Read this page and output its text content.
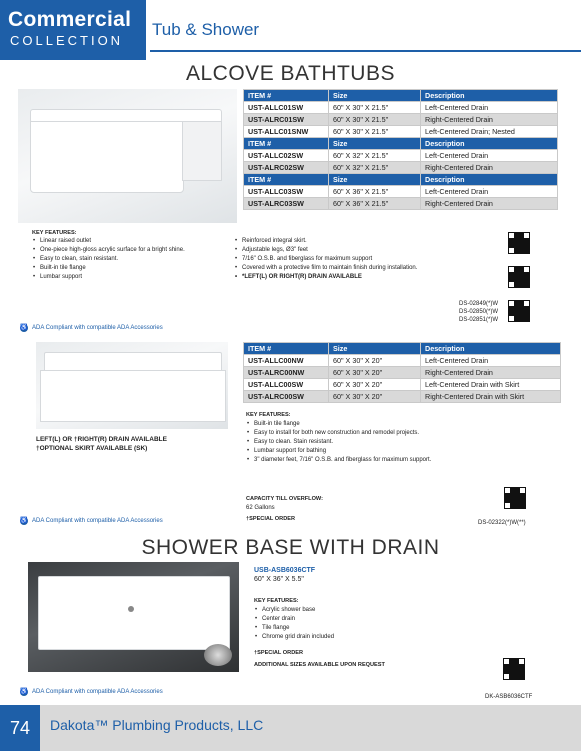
Commercial
COLLECTION
Tub & Shower
ALCOVE BATHTUBS
ITEM #	Size	Description
UST-ALLC01SW	60" X 30" X 21.5"	Left-Centered Drain
UST-ALRC01SW	60" X 30" X 21.5"	Right-Centered Drain
UST-ALLC01SNW	60" X 30" X 21.5"	Left-Centered Drain; Nested
ITEM #	Size	Description
UST-ALLC02SW	60" X 32" X 21.5"	Left-Centered Drain
UST-ALRC02SW	60" X 32" X 21.5"	Right-Centered Drain
ITEM #	Size	Description
UST-ALLC03SW	60" X 36" X 21.5"	Left-Centered Drain
UST-ALRC03SW	60" X 36" X 21.5"	Right-Centered Drain
KEY FEATURES:
• Linear raised outlet
• One-piece high-gloss acrylic surface for a bright shine.
• Easy to clean, stain resistant.
• Built-in tile flange
• Lumbar support
• Reinforced integral skirt.
• Adjustable legs, Ø3" feet
• 7/16" O.S.B. and fiberglass for maximum support
• Covered with a protective film to maintain finish during installation.
• *LEFT(L) OR RIGHT(R) DRAIN AVAILABLE
DS-02849(*)W
DS-02850(*)W
DS-02851(*)W
♿ ADA Compliant with compatible ADA Accessories
ITEM #	Size	Description
UST-ALLC00NW	60" X 30" X 20"	Left-Centered Drain
UST-ALRC00NW	60" X 30" X 20"	Right-Centered Drain
UST-ALLC00SW	60" X 30" X 20"	Left-Centered Drain with Skirt
UST-ALRC00SW	60" X 30" X 20"	Right-Centered Drain with Skirt
KEY FEATURES:
• Built-in tile flange
• Easy to install for both new construction and remodel projects.
• Easy to clean. Stain resistant.
• Lumbar support for bathing
• 3" diameter feet, 7/16" O.S.B. and fiberglass for maximum support.
CAPACITY TILL OVERFLOW:
62 Gallons
†SPECIAL ORDER
LEFT(L) OR †RIGHT(R) DRAIN AVAILABLE
†OPTIONAL SKIRT AVAILABLE (SK)
DS-02322(*)W(**)
♿ ADA Compliant with compatible ADA Accessories
SHOWER BASE WITH DRAIN
USB-ASB6036CTF
60" X 36" X 5.5"
KEY FEATURES:
• Acrylic shower base
• Center drain
• Tile flange
• Chrome grid drain included
†SPECIAL ORDER
ADDITIONAL SIZES AVAILABLE UPON REQUEST
DK-ASB6036CTF
♿ ADA Compliant with compatible ADA Accessories
74	Dakota™ Plumbing Products, LLC
